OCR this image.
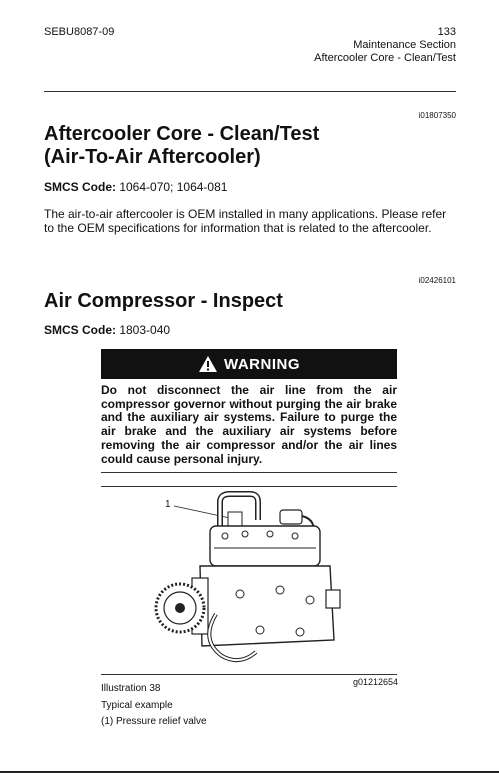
SEBU8087-09	133
Maintenance Section
Aftercooler Core - Clean/Test
i01807350
Aftercooler Core - Clean/Test
(Air-To-Air Aftercooler)
SMCS Code: 1064-070; 1064-081
The air-to-air aftercooler is OEM installed in many applications. Please refer to the OEM specifications for information that is related to the aftercooler.
i02426101
Air Compressor - Inspect
SMCS Code: 1803-040
WARNING
Do not disconnect the air line from the air compressor governor without purging the air brake and the auxiliary air systems. Failure to purge the air brake and the auxiliary air systems before removing the air compressor and/or the air lines could cause personal injury.
1
Illustration 38
g01212654
Typical example
(1) Pressure relief valve
